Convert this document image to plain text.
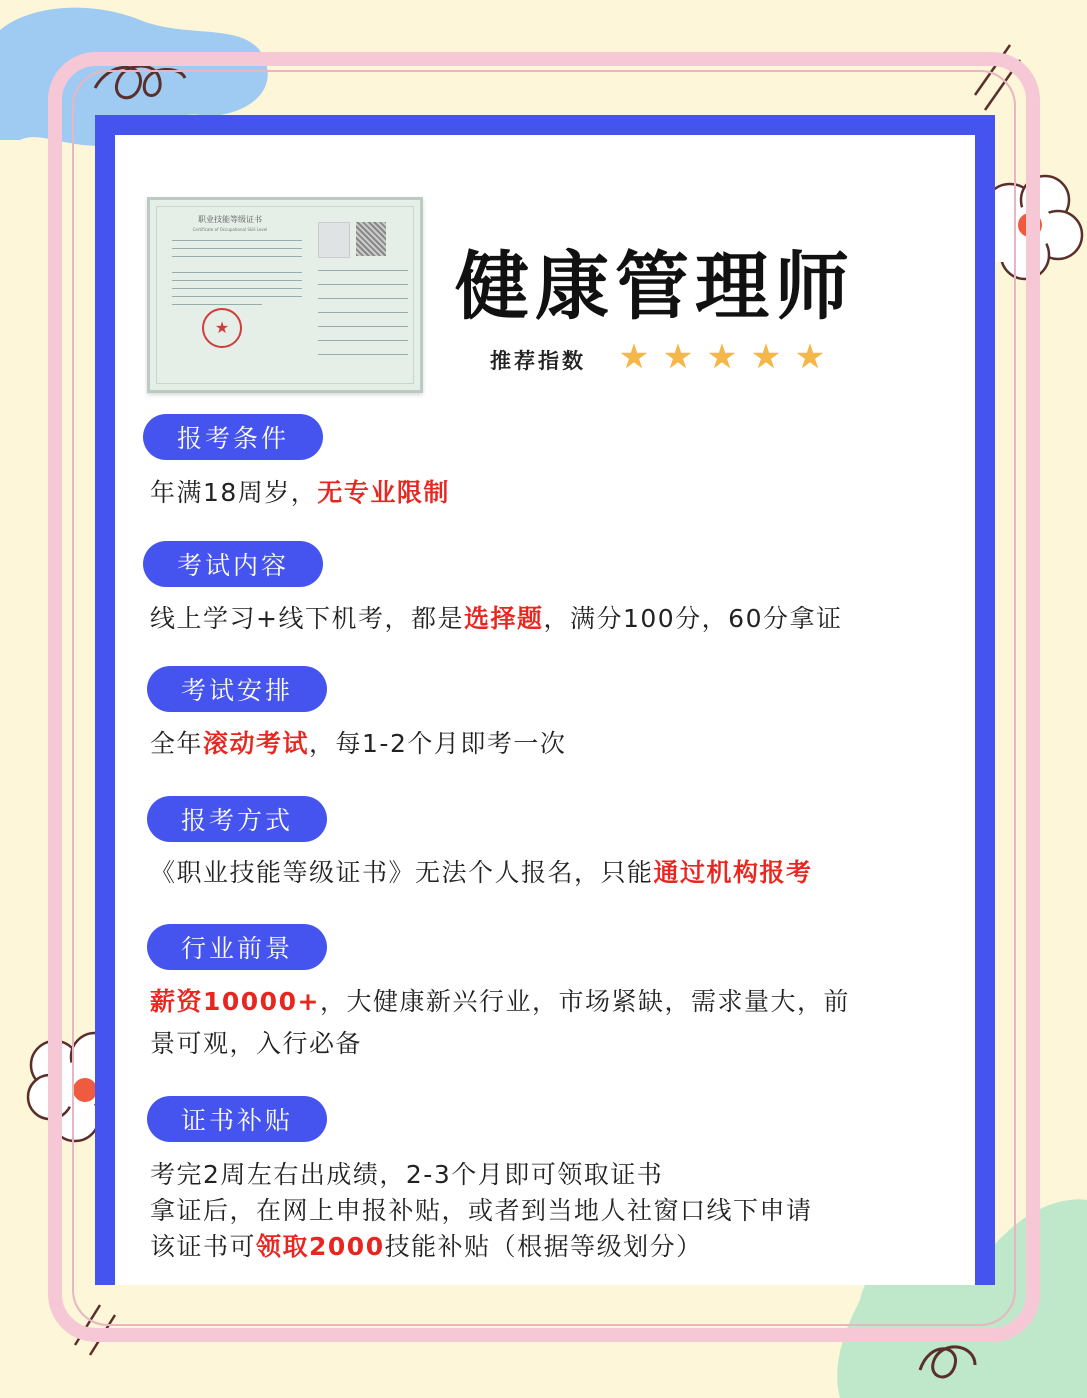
职业技能等级证书
Certificate of Occupational Skill Level
★	健康管理师
推荐指数 ★ ★ ★ ★ ★
报考条件
年满18周岁，无专业限制
考试内容
线上学习+线下机考，都是选择题，满分100分，60分拿证
考试安排
全年滚动考试，每1-2个月即考一次
报考方式
《职业技能等级证书》无法个人报名，只能通过机构报考
行业前景
薪资10000+，大健康新兴行业，市场紧缺，需求量大，前
景可观，入行必备
证书补贴
考完2周左右出成绩，2-3个月即可领取证书
拿证后，在网上申报补贴，或者到当地人社窗口线下申请
该证书可领取2000技能补贴（根据等级划分）
